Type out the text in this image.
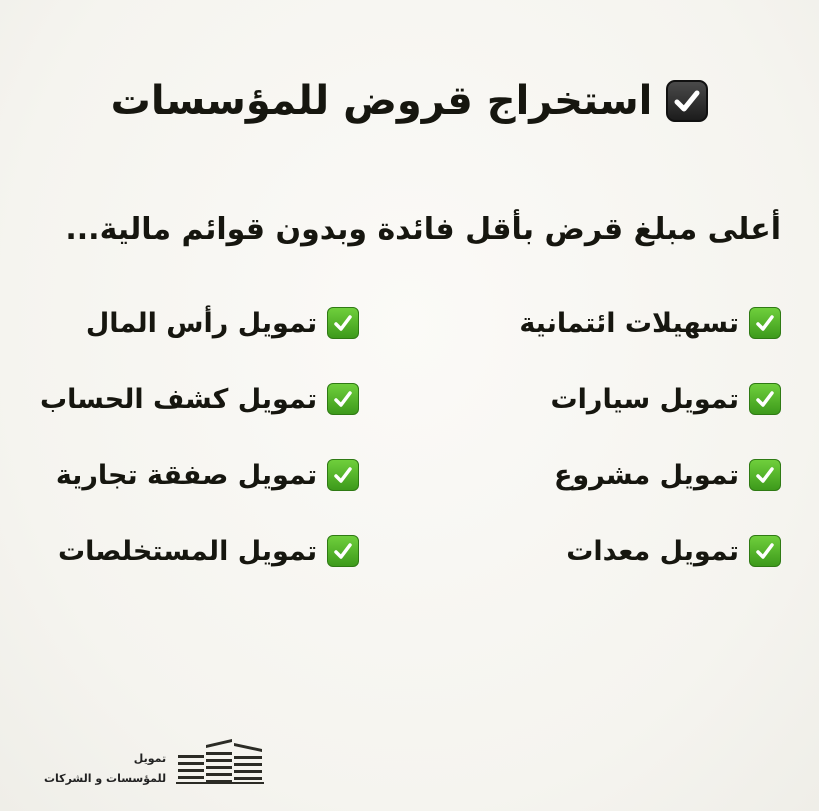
استخراج قروض للمؤسسات
أعلى مبلغ قرض بأقل فائدة وبدون قوائم مالية...
تسهيلات ائتمانية
تمويل رأس المال
تمويل سيارات
تمويل كشف الحساب
تمويل مشروع
تمويل صفقة تجارية
تمويل معدات
تمويل المستخلصات
تمويل
للمؤسسات و الشركات
